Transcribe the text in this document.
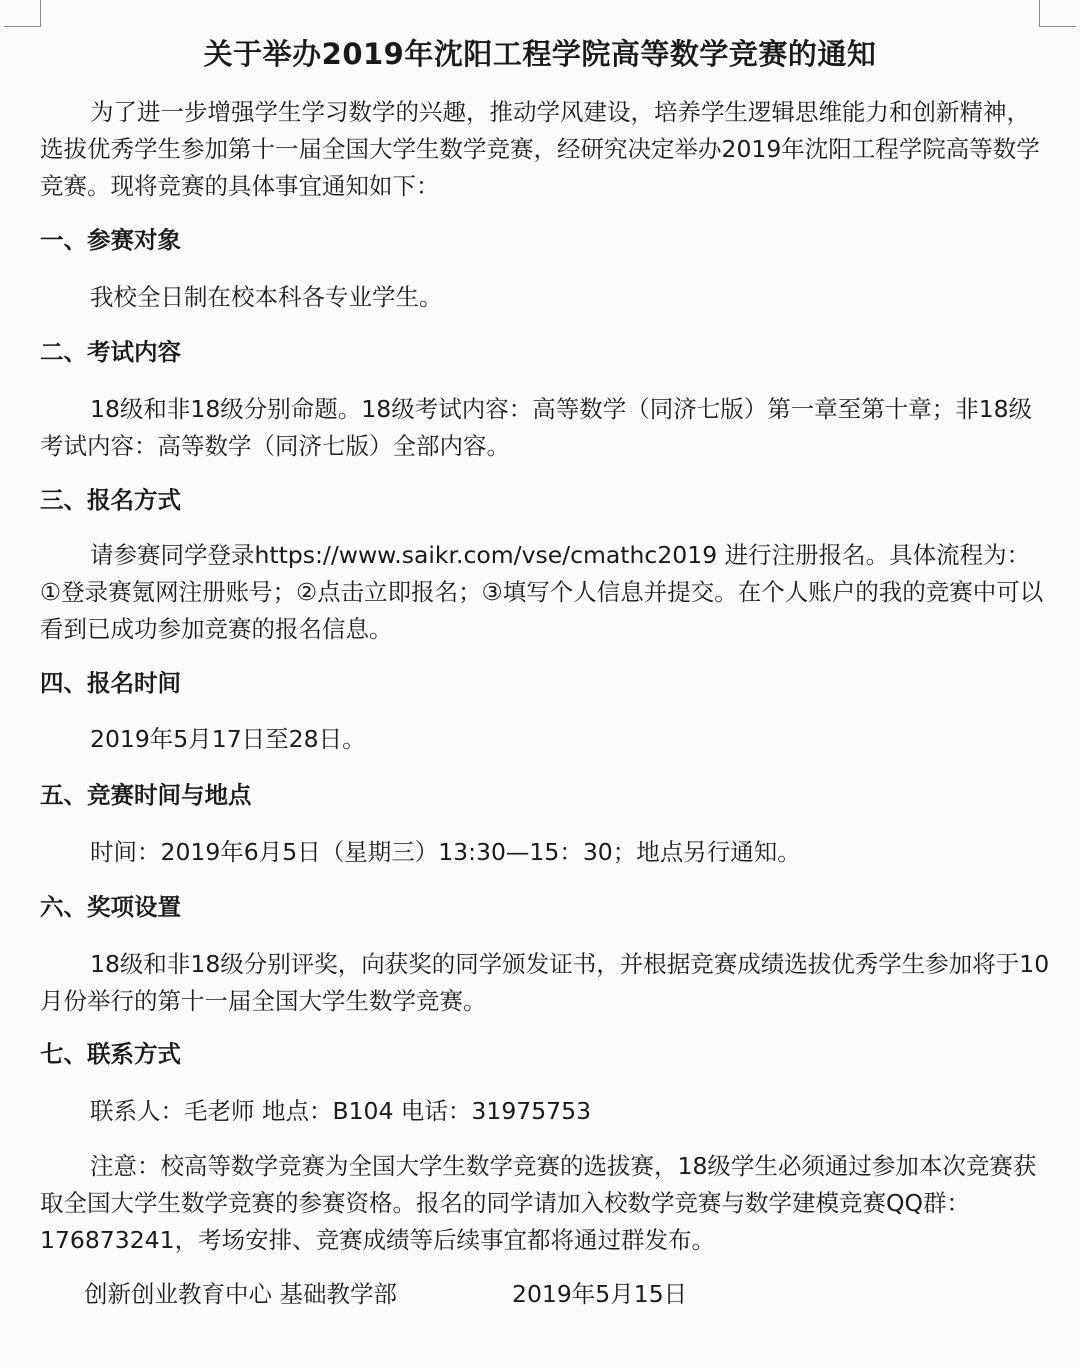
关于举办2019年沈阳工程学院高等数学竞赛的通知

为了进一步增强学生学习数学的兴趣，推动学风建设，培养学生逻辑思维能力和创新精神，选拔优秀学生参加第十一届全国大学生数学竞赛，经研究决定举办2019年沈阳工程学院高等数学竞赛。现将竞赛的具体事宜通知如下：

一、参赛对象

我校全日制在校本科各专业学生。

二、考试内容

18级和非18级分别命题。18级考试内容：高等数学（同济七版）第一章至第十章；非18级考试内容：高等数学（同济七版）全部内容。

三、报名方式

请参赛同学登录https://www.saikr.com/vse/cmathc2019 进行注册报名。具体流程为：①登录赛氪网注册账号；②点击立即报名；③填写个人信息并提交。在个人账户的我的竞赛中可以看到已成功参加竞赛的报名信息。

四、报名时间

2019年5月17日至28日。

五、竞赛时间与地点

时间：2019年6月5日（星期三）13:30—15：30；地点另行通知。

六、奖项设置

18级和非18级分别评奖，向获奖的同学颁发证书，并根据竞赛成绩选拔优秀学生参加将于10月份举行的第十一届全国大学生数学竞赛。

七、联系方式

联系人：毛老师 地点：B104 电话：31975753

注意：校高等数学竞赛为全国大学生数学竞赛的选拔赛，18级学生必须通过参加本次竞赛获取全国大学生数学竞赛的参赛资格。报名的同学请加入校数学竞赛与数学建模竞赛QQ群：176873241，考场安排、竞赛成绩等后续事宜都将通过群发布。

创新创业教育中心 基础教学部	2019年5月15日
